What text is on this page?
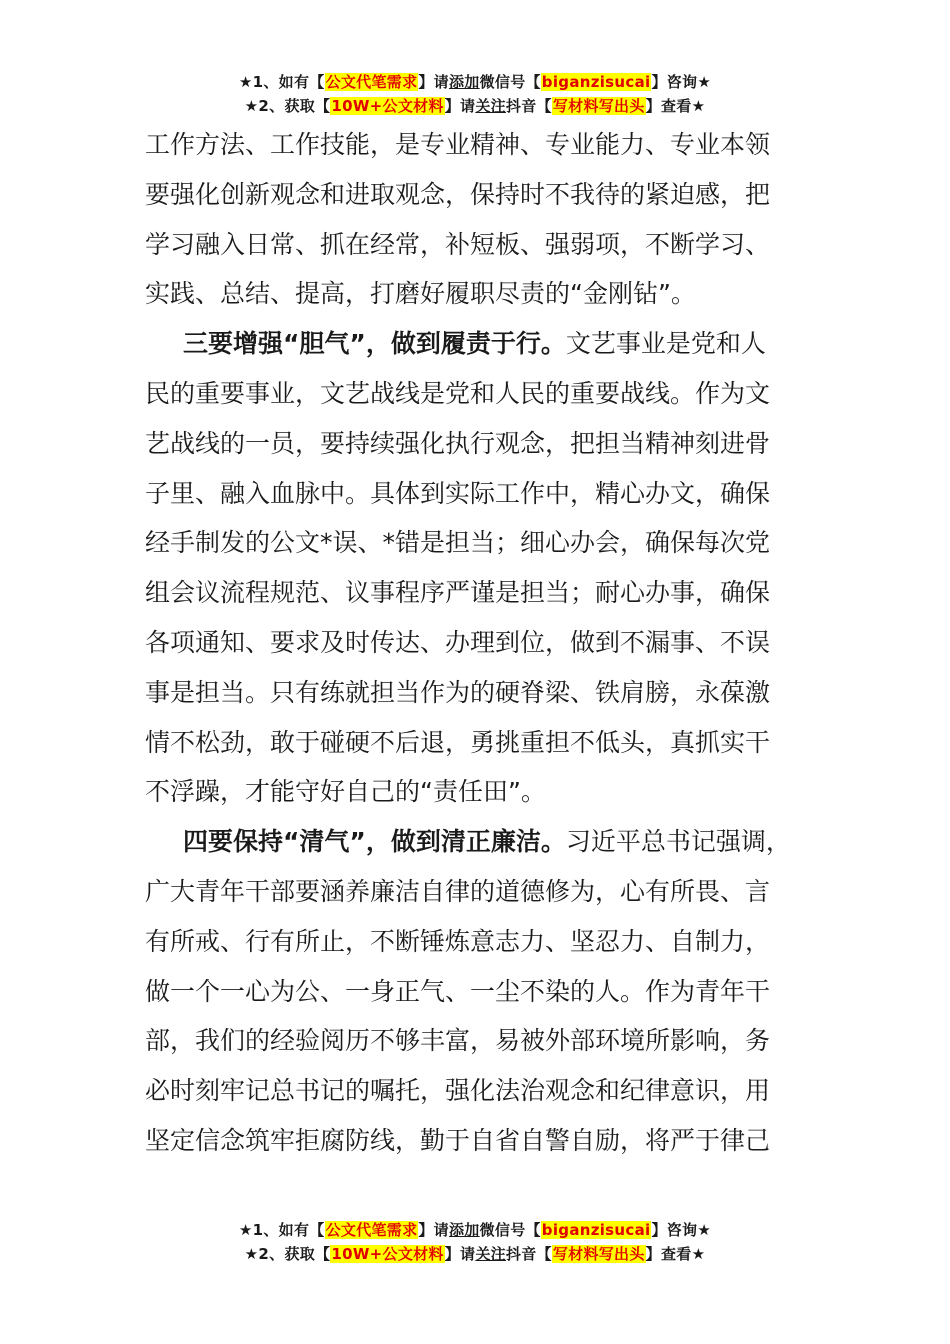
★1、如有【公文代笔需求】请添加微信号【biganzisucai】咨询★
★2、获取【10W+公文材料】请关注抖音【写材料写出头】查看★
工作方法、工作技能，是专业精神、专业能力、专业本领
要强化创新观念和进取观念，保持时不我待的紧迫感，把
学习融入日常、抓在经常，补短板、强弱项，不断学习、
实践、总结、提高，打磨好履职尽责的“金刚钻”。
三要增强“胆气”，做到履责于行。文艺事业是党和人
民的重要事业，文艺战线是党和人民的重要战线。作为文
艺战线的一员，要持续强化执行观念，把担当精神刻进骨
子里、融入血脉中。具体到实际工作中，精心办文，确保
经手制发的公文*误、*错是担当；细心办会，确保每次党
组会议流程规范、议事程序严谨是担当；耐心办事，确保
各项通知、要求及时传达、办理到位，做到不漏事、不误
事是担当。只有练就担当作为的硬脊梁、铁肩膀，永葆激
情不松劲，敢于碰硬不后退，勇挑重担不低头，真抓实干
不浮躁，才能守好自己的“责任田”。
四要保持“清气”，做到清正廉洁。习近平总书记强调，
广大青年干部要涵养廉洁自律的道德修为，心有所畏、言
有所戒、行有所止，不断锤炼意志力、坚忍力、自制力，
做一个一心为公、一身正气、一尘不染的人。作为青年干
部，我们的经验阅历不够丰富，易被外部环境所影响，务
必时刻牢记总书记的嘱托，强化法治观念和纪律意识，用
坚定信念筑牢拒腐防线，勤于自省自警自励，将严于律己
★1、如有【公文代笔需求】请添加微信号【biganzisucai】咨询★
★2、获取【10W+公文材料】请关注抖音【写材料写出头】查看★
